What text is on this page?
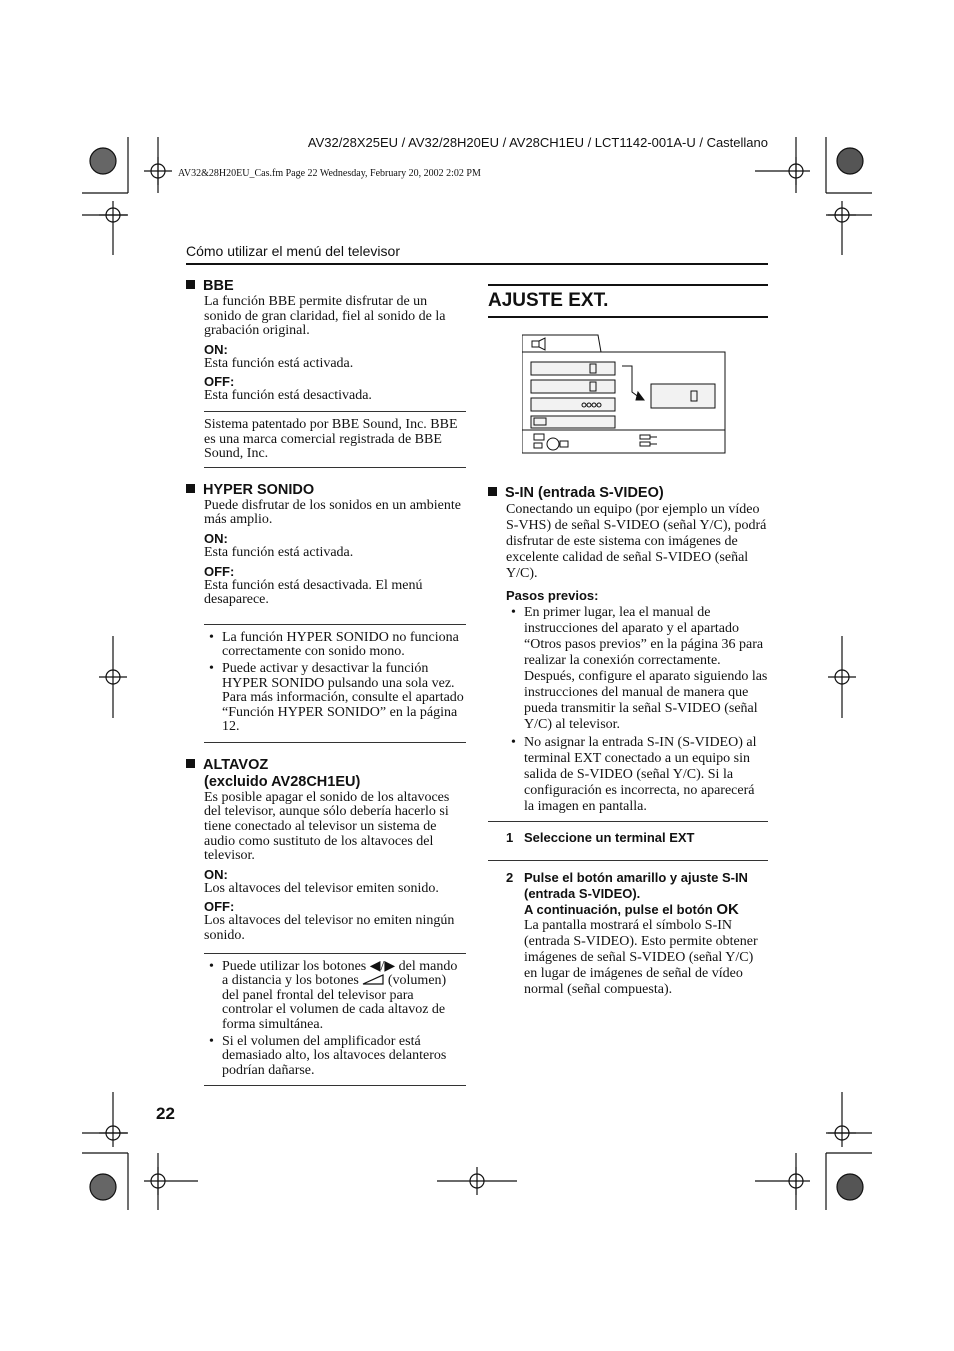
AV32/28X25EU / AV32/28H20EU / AV28CH1EU / LCT1142-001A-U / Castellano
AV32&28H20EU_Cas.fm Page 22 Wednesday, February 20, 2002 2:02 PM
Cómo utilizar el menú del televisor
BBE

La función BBE permite disfrutar de un sonido de gran claridad, fiel al sonido de la grabación original.

ON:

Esta función está activada.

OFF:

Esta función está desactivada.

Sistema patentado por BBE Sound, Inc. BBE es una marca comercial registrada de BBE Sound, Inc.

HYPER SONIDO

Puede disfrutar de los sonidos en un ambiente más amplio.

ON:

Esta función está activada.

OFF:

Esta función está desactivada. El menú desaparece.

• La función HYPER SONIDO no funciona correctamente con sonido mono.
• Puede activar y desactivar la función HYPER SONIDO pulsando una sola vez. Para más información, consulte el apartado “Función HYPER SONIDO” en la página 12.
ALTAVOZ
(excluido AV28CH1EU)

Es posible apagar el sonido de los altavoces del televisor, aunque sólo debería hacerlo si tiene conectado al televisor un sistema de audio como sustituto de los altavoces del televisor.

ON:

Los altavoces del televisor emiten sonido.

OFF:

Los altavoces del televisor no emiten ningún sonido.

• Puede utilizar los botones ◀/▶ del mando a distancia y los botones  (volumen) del panel frontal del televisor para controlar el volumen de cada altavoz de forma simultánea.
• Si el volumen del amplificador está demasiado alto, los altavoces delanteros podrían dañarse.
AJUSTE EXT.
S-IN (entrada S-VIDEO)

Conectando un equipo (por ejemplo un vídeo S-VHS) de señal S-VIDEO (señal Y/C), podrá disfrutar de este sistema con imágenes de excelente calidad de señal S-VIDEO (señal Y/C).

Pasos previos:

• En primer lugar, lea el manual de instrucciones del aparato y el apartado “Otros pasos previos” en la página 36 para realizar la conexión correctamente. Después, configure el aparato siguiendo las instrucciones del manual de manera que pueda transmitir la señal S-VIDEO (señal Y/C) al televisor.
• No asignar la entrada S-IN (S-VIDEO) al terminal EXT conectado a un equipo sin salida de S-VIDEO (señal Y/C). Si la configuración es incorrecta, no aparecerá la imagen en pantalla.

1 Seleccione un terminal EXT

2 Pulse el botón amarillo y ajuste S-IN (entrada S-VIDEO).
A continuación, pulse el botón OK

La pantalla mostrará el símbolo S-IN (entrada S-VIDEO). Esto permite obtener imágenes de señal S-VIDEO (señal Y/C) en lugar de imágenes de señal de vídeo normal (señal compuesta).

22
